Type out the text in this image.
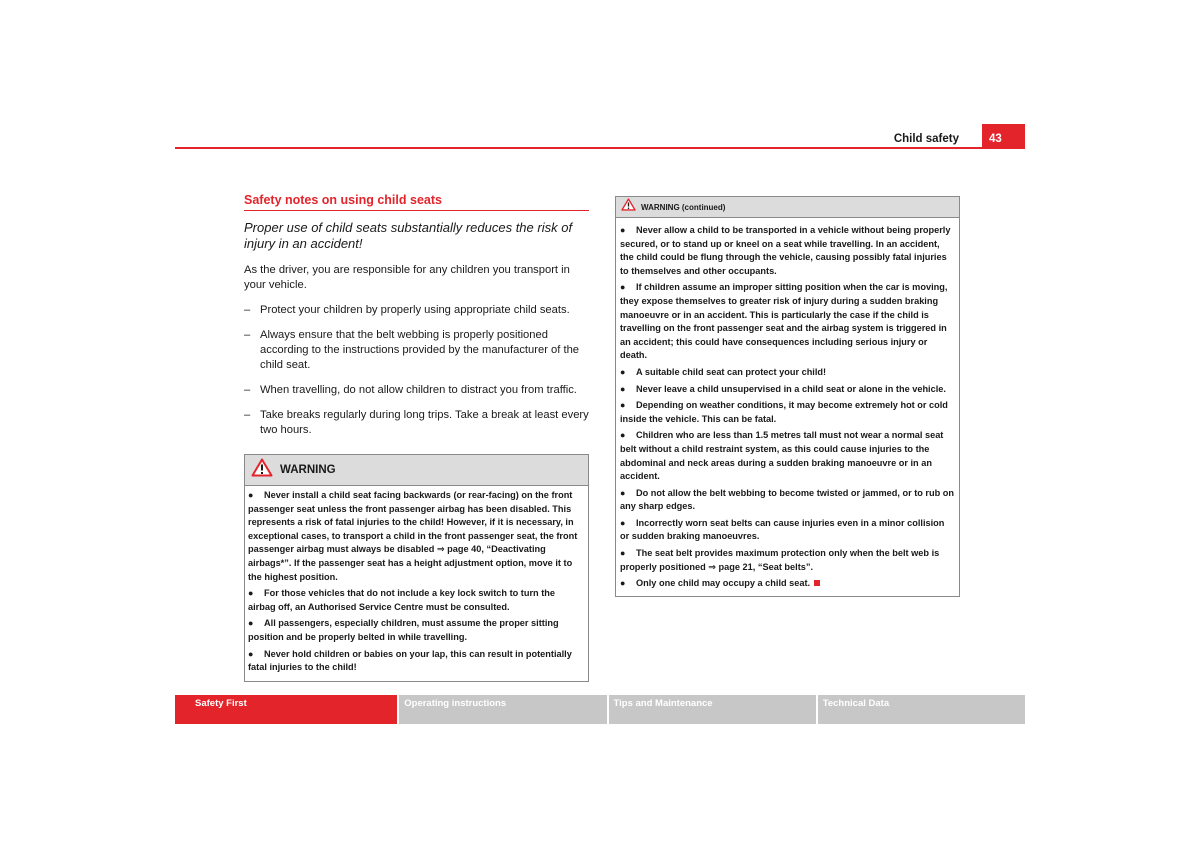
Child safety	43
Safety notes on using child seats

Proper use of child seats substantially reduces the risk of injury in an accident!

As the driver, you are responsible for any children you transport in your vehicle.

– Protect your children by properly using appropriate child seats.
– Always ensure that the belt webbing is properly positioned according to the instructions provided by the manufacturer of the child seat.
– When travelling, do not allow children to distract you from traffic.
– Take breaks regularly during long trips. Take a break at least every two hours.
WARNING
● Never install a child seat facing backwards (or rear-facing) on the front passenger seat unless the front passenger airbag has been disabled. This represents a risk of fatal injuries to the child! However, if it is necessary, in exceptional cases, to transport a child in the front passenger seat, the front passenger airbag must always be disabled ⇒ page 40, “Deactivating airbags*”. If the passenger seat has a height adjustment option, move it to the highest position.
● For those vehicles that do not include a key lock switch to turn the airbag off, an Authorised Service Centre must be consulted.
● All passengers, especially children, must assume the proper sitting position and be properly belted in while travelling.
● Never hold children or babies on your lap, this can result in potentially fatal injuries to the child!
WARNING (continued)
● Never allow a child to be transported in a vehicle without being properly secured, or to stand up or kneel on a seat while travelling. In an accident, the child could be flung through the vehicle, causing possibly fatal injuries to themselves and other occupants.
● If children assume an improper sitting position when the car is moving, they expose themselves to greater risk of injury during a sudden braking manoeuvre or in an accident. This is particularly the case if the child is travelling on the front passenger seat and the airbag system is triggered in an accident; this could have consequences including serious injury or death.
● A suitable child seat can protect your child!
● Never leave a child unsupervised in a child seat or alone in the vehicle.
● Depending on weather conditions, it may become extremely hot or cold inside the vehicle. This can be fatal.
● Children who are less than 1.5 metres tall must not wear a normal seat belt without a child restraint system, as this could cause injuries to the abdominal and neck areas during a sudden braking manoeuvre or in an accident.
● Do not allow the belt webbing to become twisted or jammed, or to rub on any sharp edges.
● Incorrectly worn seat belts can cause injuries even in a minor collision or sudden braking manoeuvres.
● The seat belt provides maximum protection only when the belt web is properly positioned ⇒ page 21, “Seat belts”.
● Only one child may occupy a child seat.
Safety First	Operating instructions	Tips and Maintenance	Technical Data
